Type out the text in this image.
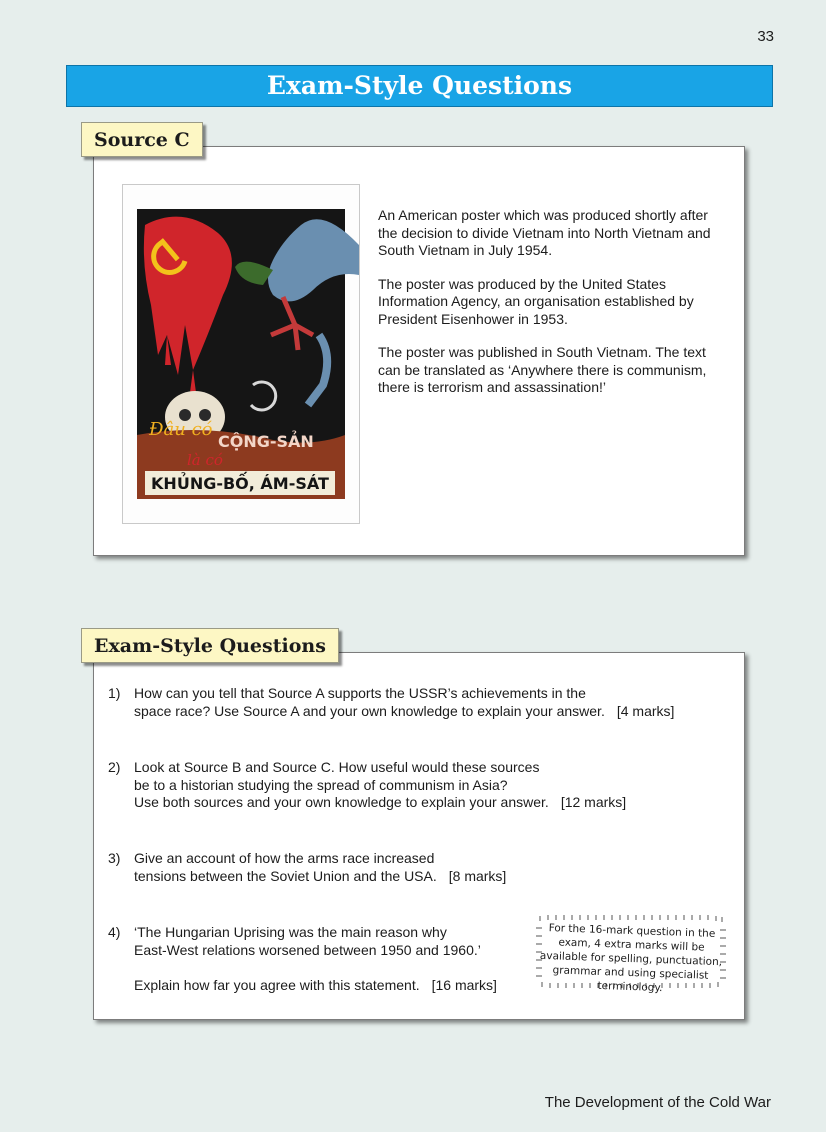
33
Exam-Style Questions
Source C
Đâu có
CỘNG-SẢN
là có
KHỦNG-BỐ, ÁM-SÁT

An American poster which was produced shortly after the decision to divide Vietnam into North Vietnam and South Vietnam in July 1954.

The poster was produced by the United States Information Agency, an organisation established by President Eisenhower in 1953.

The poster was published in South Vietnam. The text can be translated as ‘Anywhere there is communism, there is terrorism and assassination!’

Exam-Style Questions
1) How can you tell that Source A supports the USSR’s achievements in the
space race? Use Source A and your own knowledge to explain your answer. [4 marks]
2) Look at Source B and Source C. How useful would these sources
be to a historian studying the spread of communism in Asia?
Use both sources and your own knowledge to explain your answer. [12 marks]
3) Give an account of how the arms race increased
tensions between the Soviet Union and the USA. [8 marks]
4) ‘The Hungarian Uprising was the main reason why
East-West relations worsened between 1950 and 1960.’

Explain how far you agree with this statement. [16 marks]
For the 16-mark question in the exam, 4 extra marks will be available for spelling, punctuation, grammar and using specialist terminology.
The Development of the Cold War
